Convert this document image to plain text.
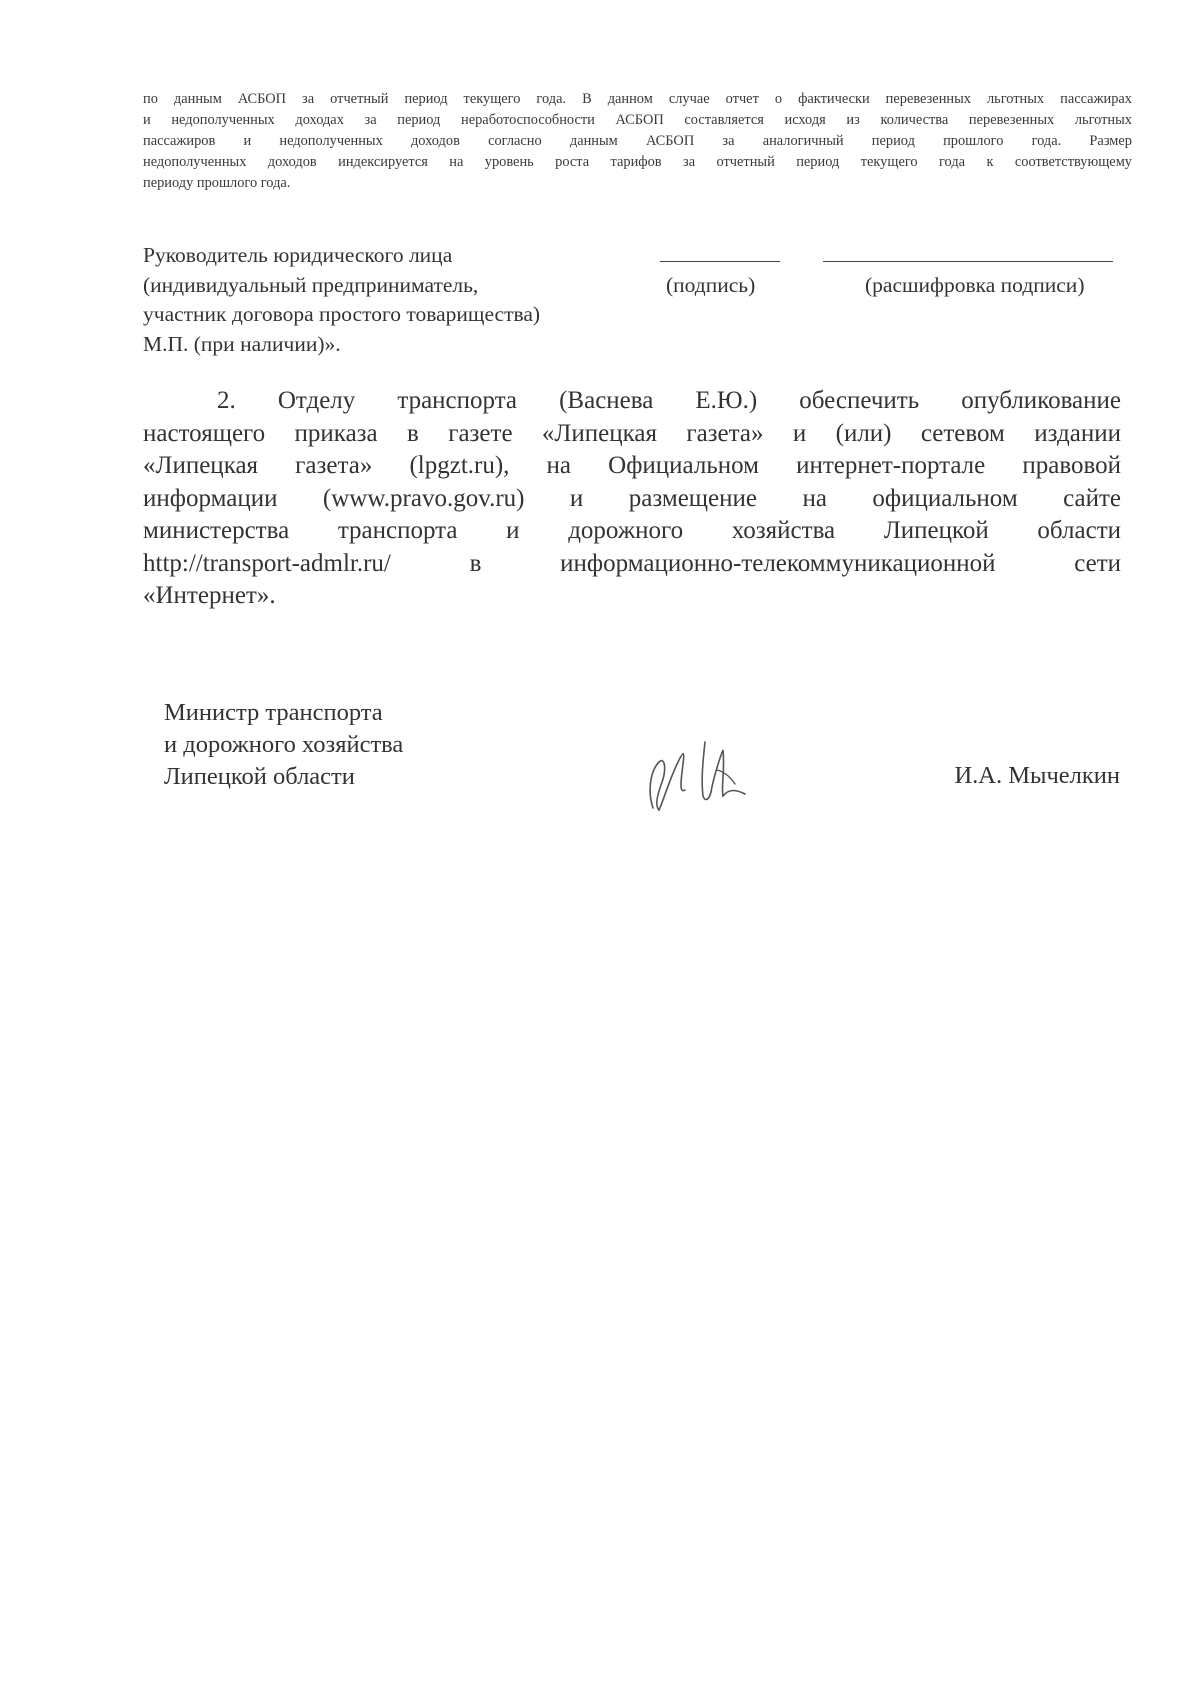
по данным АСБОП за отчетный период текущего года. В данном случае отчет о фактически перевезенных льготных пассажирах
и недополученных доходах за период неработоспособности АСБОП составляется исходя из количества перевезенных льготных
пассажиров и недополученных доходов согласно данным АСБОП за аналогичный период прошлого года. Размер
недополученных доходов индексируется на уровень роста тарифов за отчетный период текущего года к соответствующему
периоду прошлого года.
Руководитель юридического лица
(индивидуальный предприниматель,
участник договора простого товарищества)
М.П. (при наличии)».
(подпись)	(расшифровка подписи)
2. Отделу транспорта (Васнева Е.Ю.) обеспечить опубликование
настоящего приказа в газете «Липецкая газета» и (или) сетевом издании
«Липецкая газета» (lpgzt.ru), на Официальном интернет-портале правовой
информации (www.pravo.gov.ru) и размещение на официальном сайте
министерства транспорта и дорожного хозяйства Липецкой области
http://transport-admlr.ru/ в информационно-телекоммуникационной сети
«Интернет».
Министр транспорта
и дорожного хозяйства
Липецкой области	И.А. Мычелкин
